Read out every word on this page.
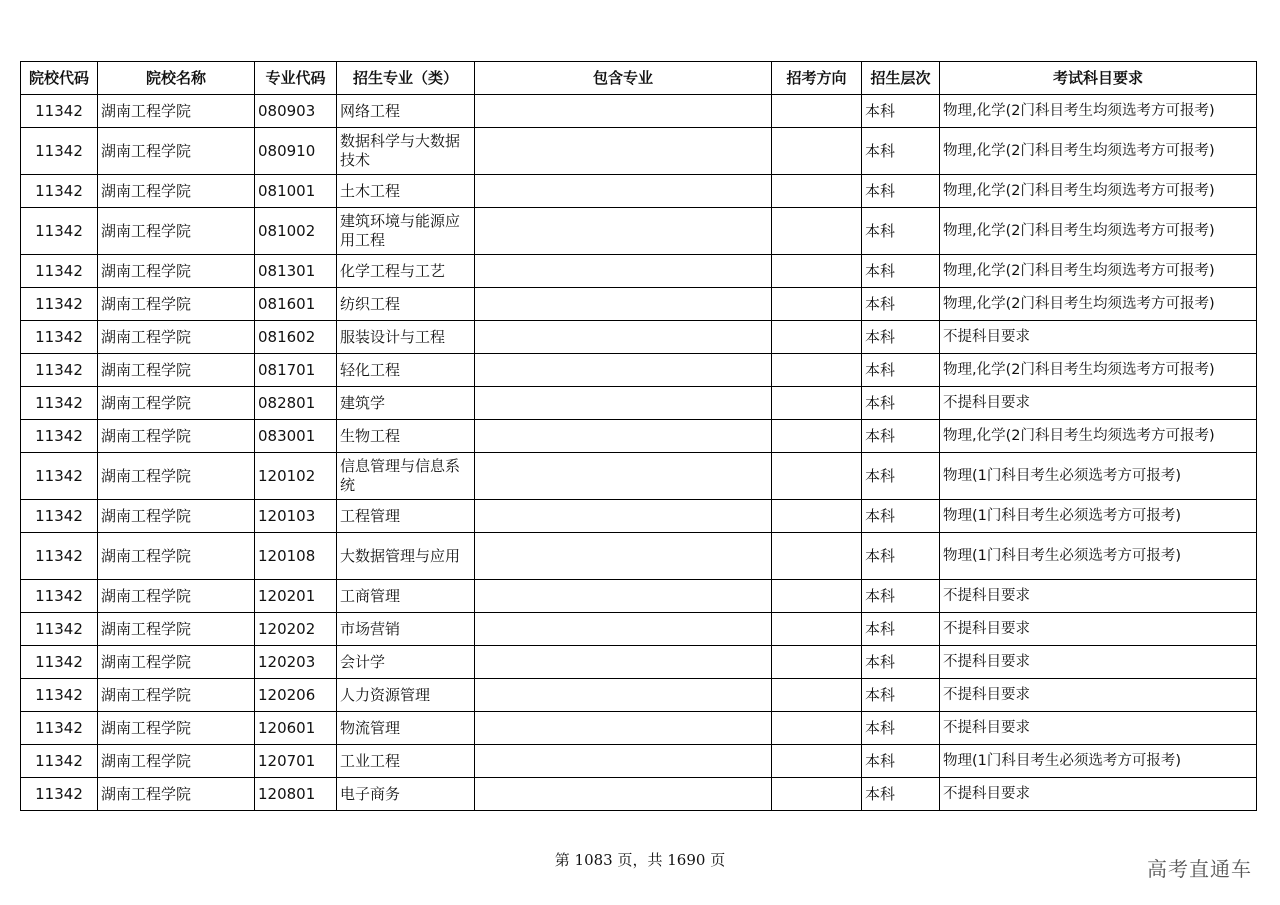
院校代码	院校名称	专业代码	招生专业（类）	包含专业	招考方向	招生层次	考试科目要求
11342	湖南工程学院	080903	网络工程			本科	物理,化学(2门科目考生均须选考方可报考)
11342	湖南工程学院	080910	数据科学与大数据技术			本科	物理,化学(2门科目考生均须选考方可报考)
11342	湖南工程学院	081001	土木工程			本科	物理,化学(2门科目考生均须选考方可报考)
11342	湖南工程学院	081002	建筑环境与能源应用工程			本科	物理,化学(2门科目考生均须选考方可报考)
11342	湖南工程学院	081301	化学工程与工艺			本科	物理,化学(2门科目考生均须选考方可报考)
11342	湖南工程学院	081601	纺织工程			本科	物理,化学(2门科目考生均须选考方可报考)
11342	湖南工程学院	081602	服装设计与工程			本科	不提科目要求
11342	湖南工程学院	081701	轻化工程			本科	物理,化学(2门科目考生均须选考方可报考)
11342	湖南工程学院	082801	建筑学			本科	不提科目要求
11342	湖南工程学院	083001	生物工程			本科	物理,化学(2门科目考生均须选考方可报考)
11342	湖南工程学院	120102	信息管理与信息系统			本科	物理(1门科目考生必须选考方可报考)
11342	湖南工程学院	120103	工程管理			本科	物理(1门科目考生必须选考方可报考)
11342	湖南工程学院	120108	大数据管理与应用			本科	物理(1门科目考生必须选考方可报考)
11342	湖南工程学院	120201	工商管理			本科	不提科目要求
11342	湖南工程学院	120202	市场营销			本科	不提科目要求
11342	湖南工程学院	120203	会计学			本科	不提科目要求
11342	湖南工程学院	120206	人力资源管理			本科	不提科目要求
11342	湖南工程学院	120601	物流管理			本科	不提科目要求
11342	湖南工程学院	120701	工业工程			本科	物理(1门科目考生必须选考方可报考)
11342	湖南工程学院	120801	电子商务			本科	不提科目要求
第 1083 页，共 1690 页	高考直通车
